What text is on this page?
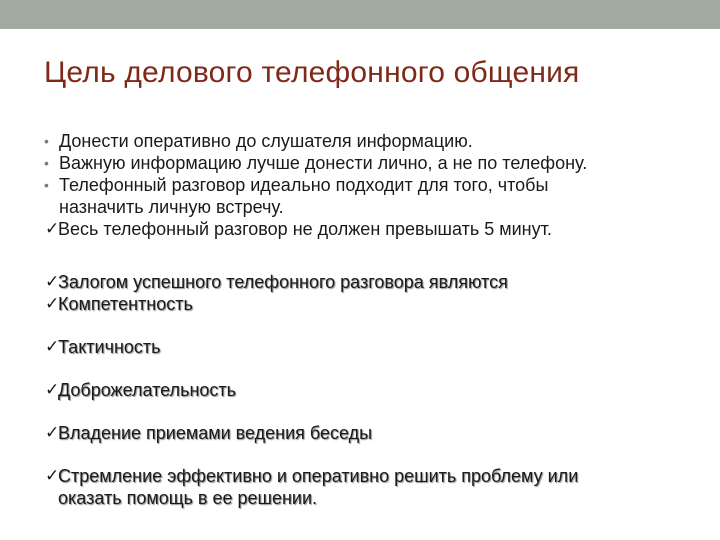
Цель делового телефонного общения
• Донести оперативно до слушателя информацию.
• Важную информацию лучше донести лично, а не по телефону.
• Телефонный разговор идеально подходит для того, чтобы
назначить личную встречу.
✓
Весь телефонный разговор не должен превышать 5 минут.
✓
Залогом успешного телефонного разговора являются
✓
Компетентность
✓
Тактичность
✓
Доброжелательность
✓
Владение приемами ведения беседы
✓
Стремление эффективно и оперативно решить проблему или
оказать помощь в ее решении.
